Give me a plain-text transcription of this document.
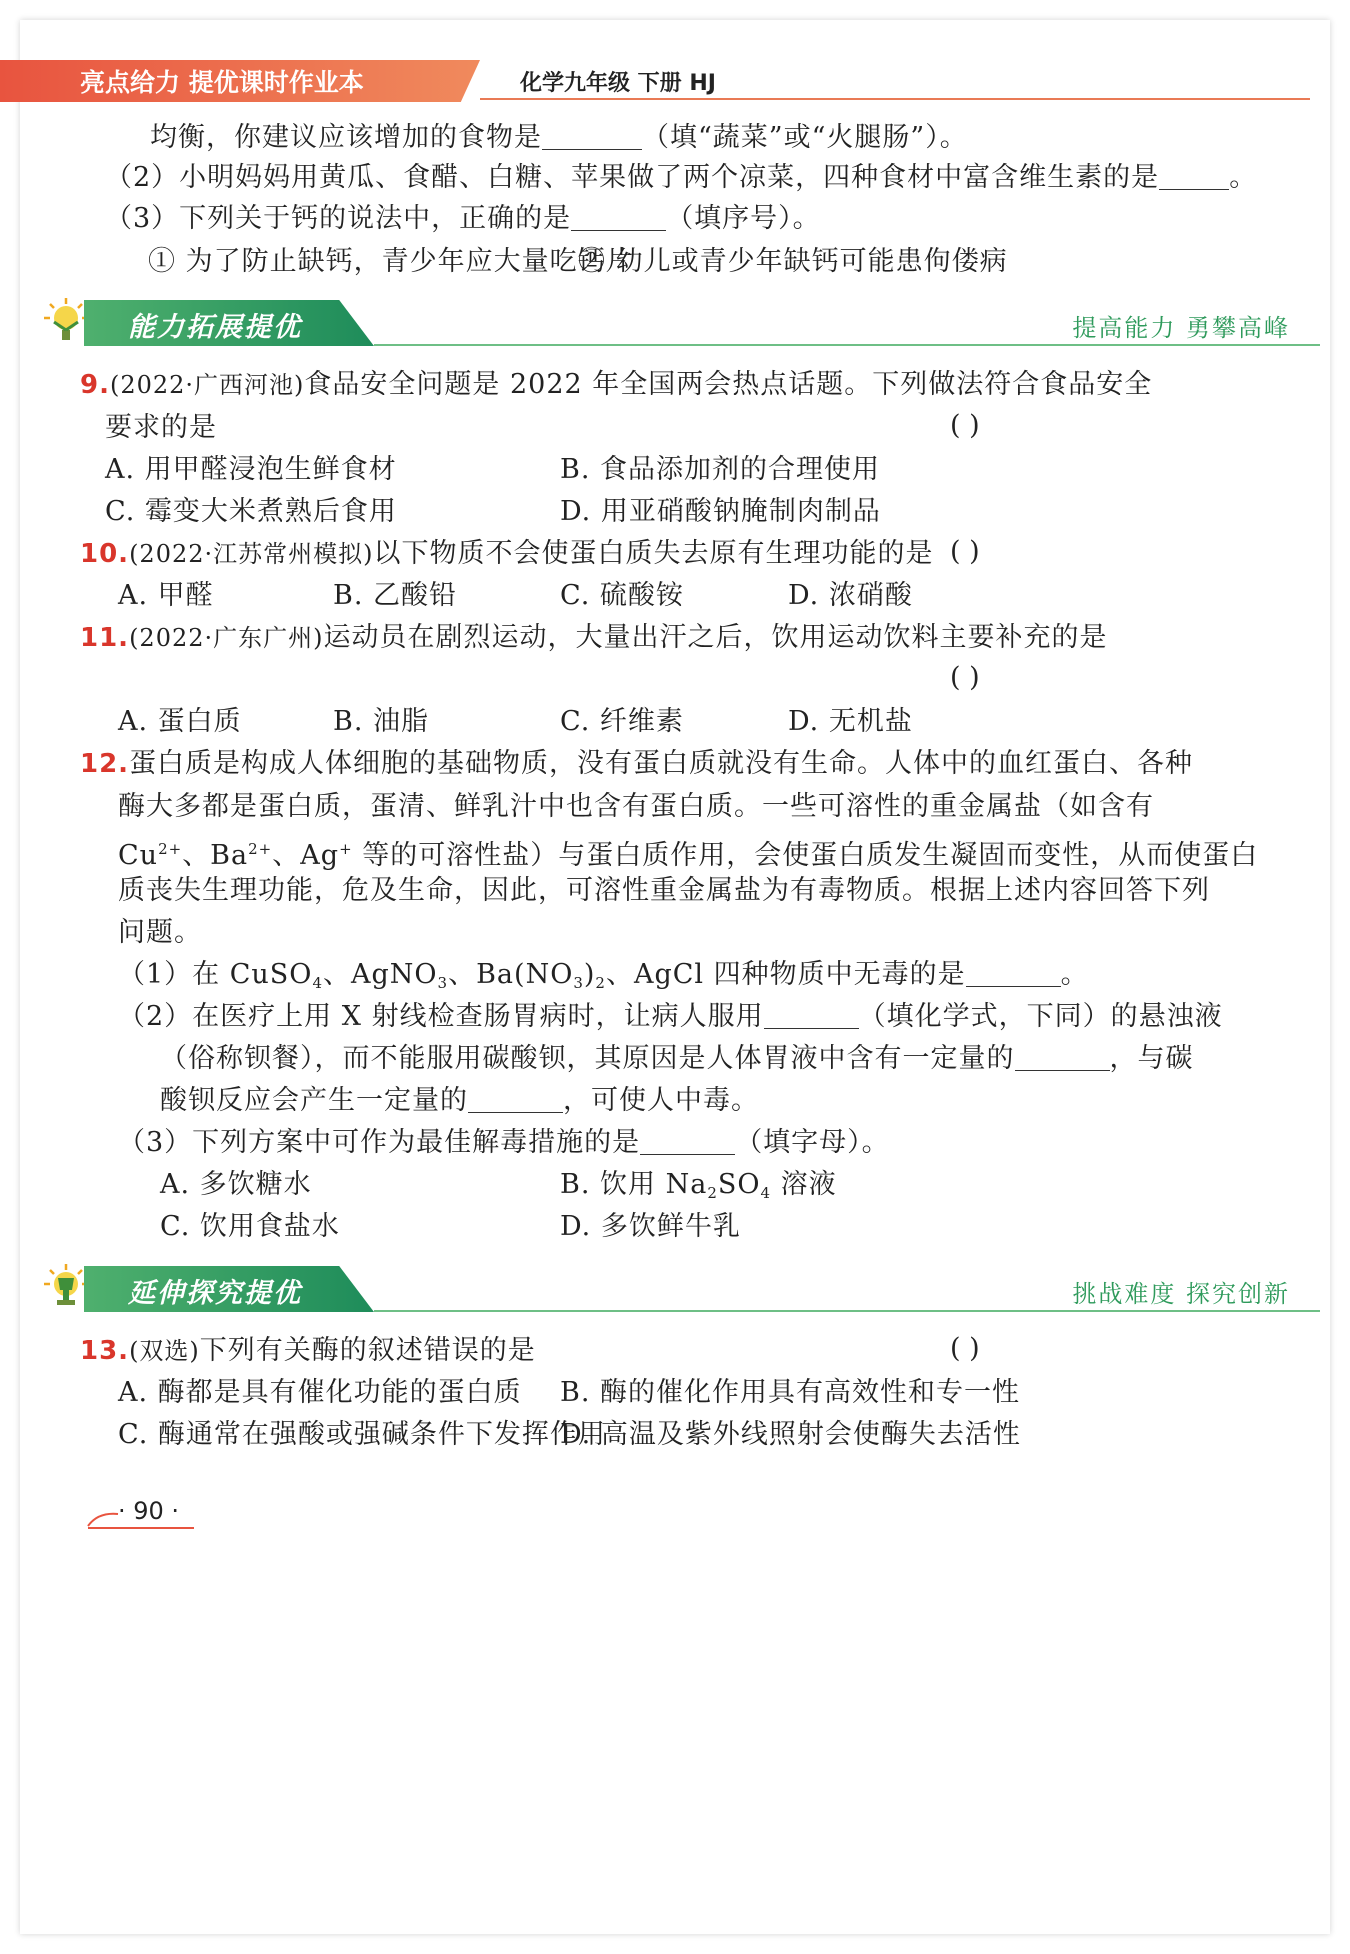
亮点给力 提优课时作业本	化学九年级 下册 HJ
均衡，你建议应该增加的食物是	（填“蔬菜”或“火腿肠”）。
（2）小明妈妈用黄瓜、食醋、白糖、苹果做了两个凉菜，四种食材中富含维生素的是	。
（3）下列关于钙的说法中，正确的是	（填序号）。
① 为了防止缺钙，青少年应大量吃钙片
② 幼儿或青少年缺钙可能患佝偻病
能力拓展提优	提高能力 勇攀高峰
9.(2022·广西河池)食品安全问题是 2022 年全国两会热点话题。下列做法符合食品安全
要求的是	( )
A. 用甲醛浸泡生鲜食材	B. 食品添加剂的合理使用
C. 霉变大米煮熟后食用	D. 用亚硝酸钠腌制肉制品
10.(2022·江苏常州模拟)以下物质不会使蛋白质失去原有生理功能的是 ( )
A. 甲醛	B. 乙酸铅	C. 硫酸铵	D. 浓硝酸
11.(2022·广东广州)运动员在剧烈运动，大量出汗之后，饮用运动饮料主要补充的是
( )
A. 蛋白质	B. 油脂	C. 纤维素	D. 无机盐
12.蛋白质是构成人体细胞的基础物质，没有蛋白质就没有生命。人体中的血红蛋白、各种
酶大多都是蛋白质，蛋清、鲜乳汁中也含有蛋白质。一些可溶性的重金属盐（如含有
$Cu^{2+}$、$Ba^{2+}$、Ag+ 等的可溶性盐）与蛋白质作用，会使蛋白质发生凝固而变性，从而使蛋白
质丧失生理功能，危及生命，因此，可溶性重金属盐为有毒物质。根据上述内容回答下列
问题。
（1）在 CuSO$_4$、AgNO$_3$、$Ba(NO_3)_2$、AgCl 四种物质中无毒的是	。
（2）在医疗上用 X 射线检查肠胃病时，让病人服用	（填化学式，下同）的悬浊液
（俗称钡餐），而不能服用碳酸钡，其原因是人体胃液中含有一定量的	，与碳
酸钡反应会产生一定量的	，可使人中毒。
（3）下列方案中可作为最佳解毒措施的是	（填字母）。
A. 多饮糖水	B. 饮用 $Na_2SO_4$ 溶液
C. 饮用食盐水	D. 多饮鲜牛乳
延伸探究提优	挑战难度 探究创新
13.(双选)下列有关酶的叙述错误的是	( )
A. 酶都是具有催化功能的蛋白质 B. 酶的催化作用具有高效性和专一性
C. 酶通常在强酸或强碱条件下发挥作用
D. 高温及紫外线照射会使酶失去活性
· 90 ·
